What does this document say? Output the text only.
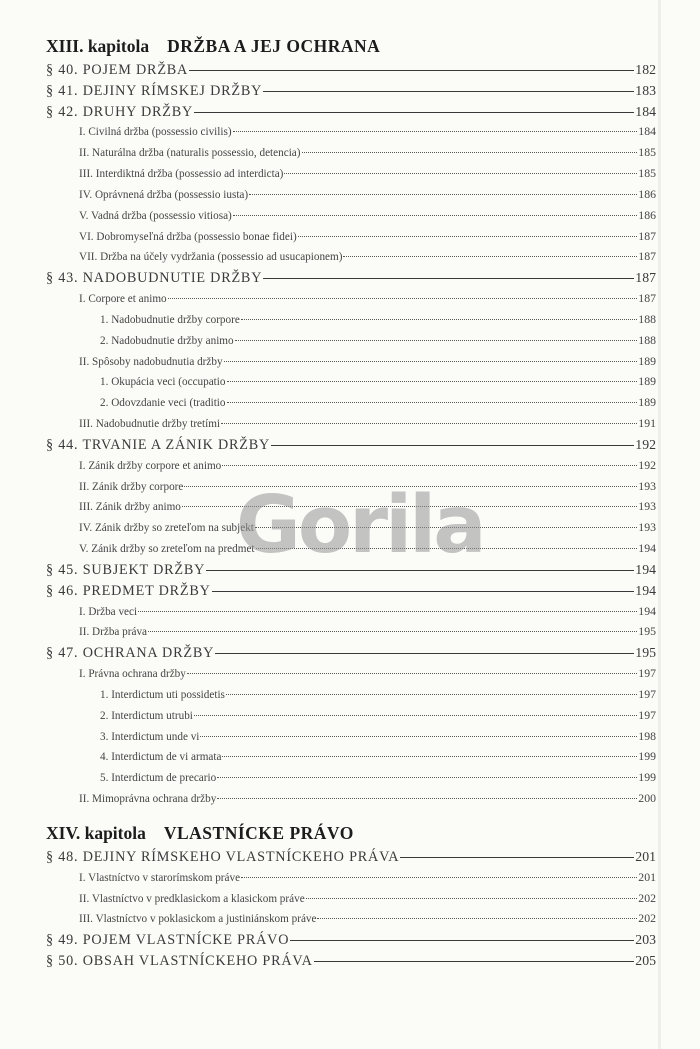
XIII. kapitola DRŽBA A JEJ OCHRANA
§ 40. POJEM DRŽBA	182
§ 41. DEJINY RÍMSKEJ DRŽBY	183
§ 42. DRUHY DRŽBY	184
I. Civilná držba (possessio civilis)	184
II. Naturálna držba (naturalis possessio, detencia)	185
III. Interdiktná držba (possessio ad interdicta)	185
IV. Oprávnená držba (possessio iusta)	186
V. Vadná držba (possessio vitiosa)	186
VI. Dobromyseľná držba (possessio bonae fidei)	187
VII. Držba na účely vydržania (possessio ad usucapionem)	187
§ 43. NADOBUDNUTIE DRŽBY	187
I. Corpore et animo	187
1. Nadobudnutie držby corpore	188
2. Nadobudnutie držby animo	188
II. Spôsoby nadobudnutia držby	189
1. Okupácia veci (occupatio	189
2. Odovzdanie veci (traditio	189
III. Nadobudnutie držby tretími	191
§ 44. TRVANIE A ZÁNIK DRŽBY	192
I. Zánik držby corpore et animo	192
II. Zánik držby corpore	193
III. Zánik držby animo	193
IV. Zánik držby so zreteľom na subjekt	193
V. Zánik držby so zreteľom na predmet	194
§ 45. SUBJEKT DRŽBY	194
§ 46. PREDMET DRŽBY	194
I. Držba veci	194
II. Držba práva	195
§ 47. OCHRANA DRŽBY	195
I. Právna ochrana držby	197
1. Interdictum uti possidetis	197
2. Interdictum utrubi	197
3. Interdictum unde vi	198
4. Interdictum de vi armata	199
5. Interdictum de precario	199
II. Mimoprávna ochrana držby	200
XIV. kapitola VLASTNÍCKE PRÁVO
§ 48. DEJINY RÍMSKEHO VLASTNÍCKEHO PRÁVA	201
I. Vlastníctvo v starorímskom práve	201
II. Vlastníctvo v predklasickom a klasickom práve	202
III. Vlastníctvo v poklasickom a justiniánskom práve	202
§ 49. POJEM VLASTNÍCKE PRÁVO	203
§ 50. OBSAH VLASTNÍCKEHO PRÁVA	205
Gorila
